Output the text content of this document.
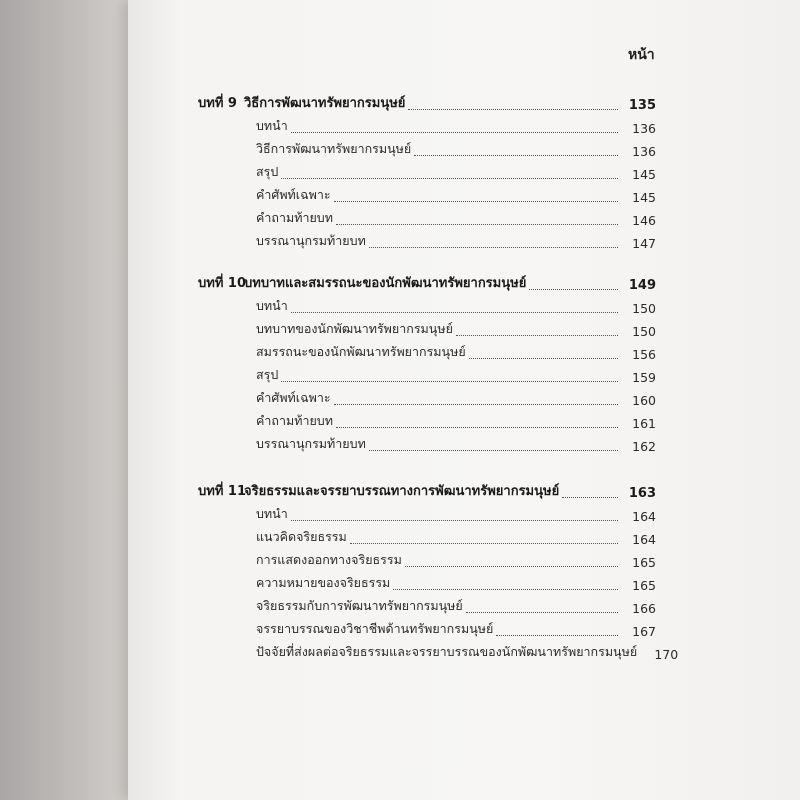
หน้า
บทที่ 9 วิธีการพัฒนาทรัพยากรมนุษย์	135
บทนำ	136
วิธีการพัฒนาทรัพยากรมนุษย์	136
สรุป	145
คำศัพท์เฉพาะ	145
คำถามท้ายบท	146
บรรณานุกรมท้ายบท	147
บทที่ 10บทบาทและสมรรถนะของนักพัฒนาทรัพยากรมนุษย์	149
บทนำ	150
บทบาทของนักพัฒนาทรัพยากรมนุษย์	150
สมรรถนะของนักพัฒนาทรัพยากรมนุษย์	156
สรุป	159
คำศัพท์เฉพาะ	160
คำถามท้ายบท	161
บรรณานุกรมท้ายบท	162
บทที่ 11จริยธรรมและจรรยาบรรณทางการพัฒนาทรัพยากรมนุษย์	163
บทนำ	164
แนวคิดจริยธรรม	164
การแสดงออกทางจริยธรรม	165
ความหมายของจริยธรรม	165
จริยธรรมกับการพัฒนาทรัพยากรมนุษย์	166
จรรยาบรรณของวิชาชีพด้านทรัพยากรมนุษย์	167
ปัจจัยที่ส่งผลต่อจริยธรรมและจรรยาบรรณของนักพัฒนาทรัพยากรมนุษย์	170
